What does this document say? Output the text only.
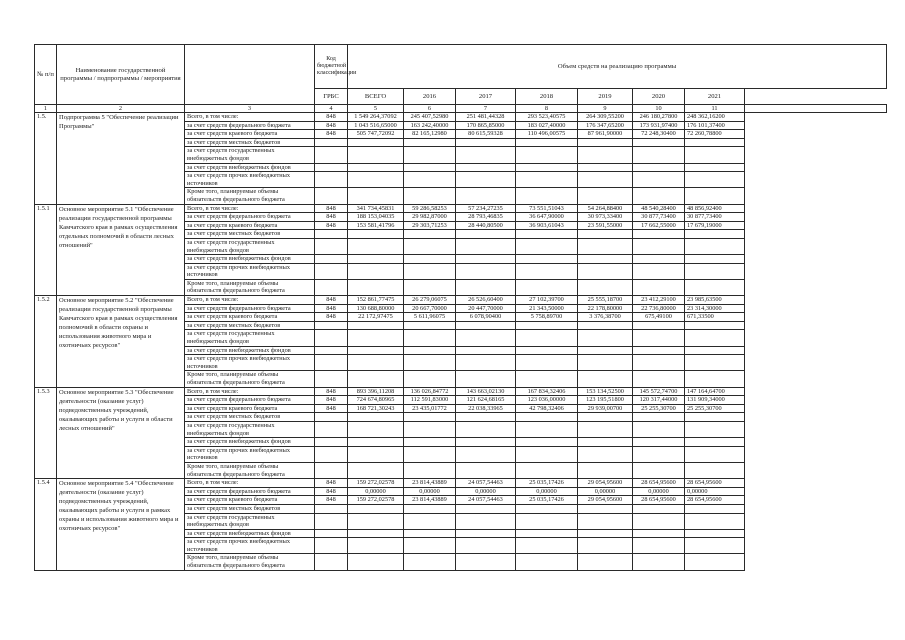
№ п/п	Наименование государственной программы / подпрограммы / мероприятия		Код бюджетной классификации	Объем средств на реализацию программы							
			ГРБС	ВСЕГО	2016	2017	2018	2019	2020	2021	
1	2	3	4	5	6	7	8	9	10	11	
1.5.	Подпрограмма 5 "Обеспечение реализации Программы"	Всего, в том числе:	848	1 549 264,37092	245 407,52980	251 481,44328	293 523,40575	264 309,55200	246 180,27800	248 362,16200	
		за счет средств федерального бюджета	848	1 043 516,65000	163 242,40000	170 865,85000	183 027,40000	176 347,65200	173 931,97400	176 101,37400	
		за счет средств краевого бюджета	848	505 747,72092	82 165,12980	80 615,59328	110 496,00575	87 961,90000	72 248,30400	72 260,78800	
		за счет средств местных бюджетов									
		за счет средств государственных внебюджетных фондов									
		за счет средств внебюджетных фондов									
		за счет средств прочих внебюджетных источников									
		Кроме того, планируемые объемы обязательств федерального бюджета									
1.5.1	Основное мероприятие 5.1 "Обеспечение реализации государственной программы Камчатского края в рамках осуществления отдельных полномочий в области лесных отношений"	Всего, в том числе:	848	341 734,45831	59 286,58253	57 234,27235	73 551,51043	54 264,88400	48 540,28400	48 856,92400	
		за счет средств федерального бюджета	848	188 153,04035	29 982,87000	28 793,46835	36 647,90000	30 973,33400	30 877,73400	30 877,73400	
		за счет средств краевого бюджета	848	153 581,41796	29 303,71253	28 440,80500	36 903,61043	23 591,55000	17 662,55000	17 679,19000	
		за счет средств местных бюджетов									
		за счет средств государственных внебюджетных фондов									
		за счет средств внебюджетных фондов									
		за счет средств прочих внебюджетных источников									
		Кроме того, планируемые объемы обязательств федерального бюджета									
1.5.2	Основное мероприятие 5.2 "Обеспечение реализации государственной программы Камчатского края в рамках осуществления полномочий в области охраны и использования животного мира и охотничьих ресурсов"	Всего, в том числе:	848	152 861,77475	26 279,06075	26 526,60400	27 102,39700	25 555,18700	23 412,29100	23 985,63500	
		за счет средств федерального бюджета	848	130 688,80000	20 667,70000	20 447,70000	21 343,50000	22 178,80000	22 736,80000	23 314,30000	
		за счет средств краевого бюджета	848	22 172,97475	5 611,96075	6 078,90400	5 758,89700	3 376,38700	675,49100	671,33500	
		за счет средств местных бюджетов									
		за счет средств государственных внебюджетных фондов									
		за счет средств внебюджетных фондов									
		за счет средств прочих внебюджетных источников									
		Кроме того, планируемые объемы обязательств федерального бюджета									
1.5.3	Основное мероприятие 5.3 "Обеспечение деятельности (оказание услуг) подведомственных учреждений, оказывающих работы и услуги в области лесных отношений"	Всего, в том числе:	848	893 396,11208	136 026,84772	143 663,02130	167 834,32406	153 134,52500	145 572,74700	147 164,64700	
		за счет средств федерального бюджета	848	724 674,80965	112 591,83000	121 624,68165	123 036,00000	123 195,51800	120 317,44000	131 909,34000	
		за счет средств краевого бюджета	848	168 721,30243	23 435,01772	22 038,33965	42 798,32406	29 939,00700	25 255,30700	25 255,30700	
		за счет средств местных бюджетов									
		за счет средств государственных внебюджетных фондов									
		за счет средств внебюджетных фондов									
		за счет средств прочих внебюджетных источников									
		Кроме того, планируемые объемы обязательств федерального бюджета									
1.5.4	Основное мероприятие 5.4 "Обеспечение деятельности (оказание услуг) подведомственных учреждений, оказывающих работы и услуги в рамках охраны и использования животного мира и охотничьих ресурсов"	Всего, в том числе:	848	159 272,02578	23 814,43889	24 057,54463	25 035,17426	29 054,95600	28 654,95600	28 654,95600	
		за счет средств федерального бюджета	848	0,00000	0,00000	0,00000	0,00000	0,00000	0,00000	0,00000	
		за счет средств краевого бюджета	848	159 272,02578	23 814,43889	24 057,54463	25 035,17426	29 054,95600	28 654,95600	28 654,95600	
		за счет средств местных бюджетов									
		за счет средств государственных внебюджетных фондов									
		за счет средств внебюджетных фондов									
		за счет средств прочих внебюджетных источников									
		Кроме того, планируемые объемы обязательств федерального бюджета									
